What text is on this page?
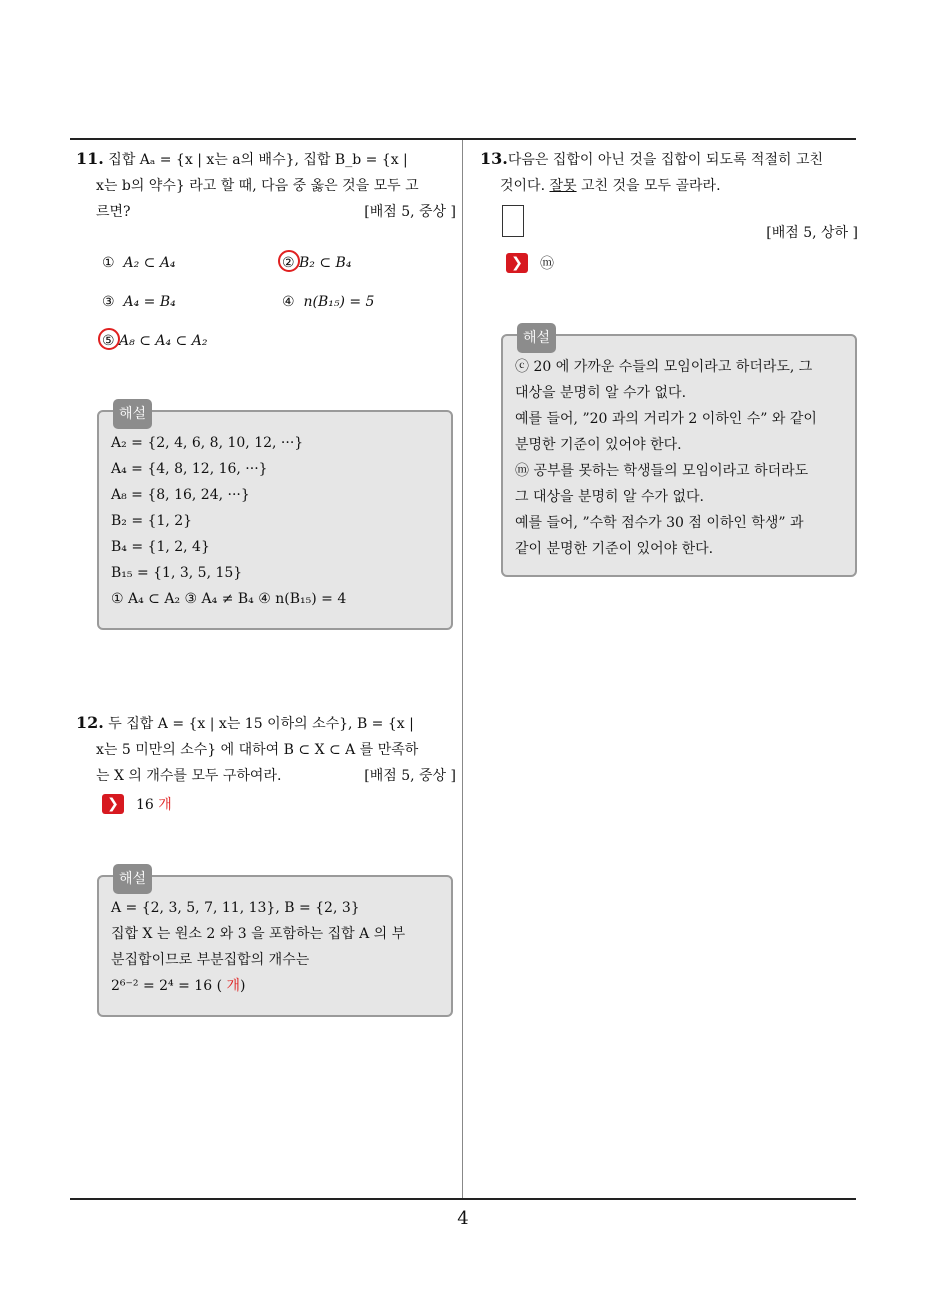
4
11. 집합 Aₐ = {x | x는 a의 배수}, 집합 B_b = {x |
x는 b의 약수} 라고 할 때, 다음 중 옳은 것을 모두 고
르면?	[배점 5, 중상 ]
① A₂ ⊂ A₄	② B₂ ⊂ B₄
③ A₄ = B₄	④ n(B₁₅) = 5
⑤ A₈ ⊂ A₄ ⊂ A₂
해설
A₂ = {2, 4, 6, 8, 10, 12, ···}
A₄ = {4, 8, 12, 16, ···}
A₈ = {8, 16, 24, ···}
B₂ = {1, 2}
B₄ = {1, 2, 4}
B₁₅ = {1, 3, 5, 15}
① A₄ ⊂ A₂ ③ A₄ ≠ B₄ ④ n(B₁₅) = 4
12. 두 집합 A = {x | x는 15 이하의 소수}, B = {x |
x는 5 미만의 소수} 에 대하여 B ⊂ X ⊂ A 를 만족하
는 X 의 개수를 모두 구하여라.	[배점 5, 중상 ]
❯	16 개
해설
A = {2, 3, 5, 7, 11, 13}, B = {2, 3}
집합 X 는 원소 2 와 3 을 포함하는 집합 A 의 부
분집합이므로 부분집합의 개수는
2⁶⁻² = 2⁴ = 16 ( 개)
13.다음은 집합이 아닌 것을 집합이 되도록 적절히 고친
것이다. 잘못 고친 것을 모두 골라라.
[배점 5, 상하 ]
❯	ⓜ
해설
ⓒ 20 에 가까운 수들의 모임이라고 하더라도, 그
대상을 분명히 알 수가 없다.
예를 들어, ”20 과의 거리가 2 이하인 수” 와 같이
분명한 기준이 있어야 한다.
ⓜ 공부를 못하는 학생들의 모임이라고 하더라도
그 대상을 분명히 알 수가 없다.
예를 들어, ”수학 점수가 30 점 이하인 학생” 과
같이 분명한 기준이 있어야 한다.
